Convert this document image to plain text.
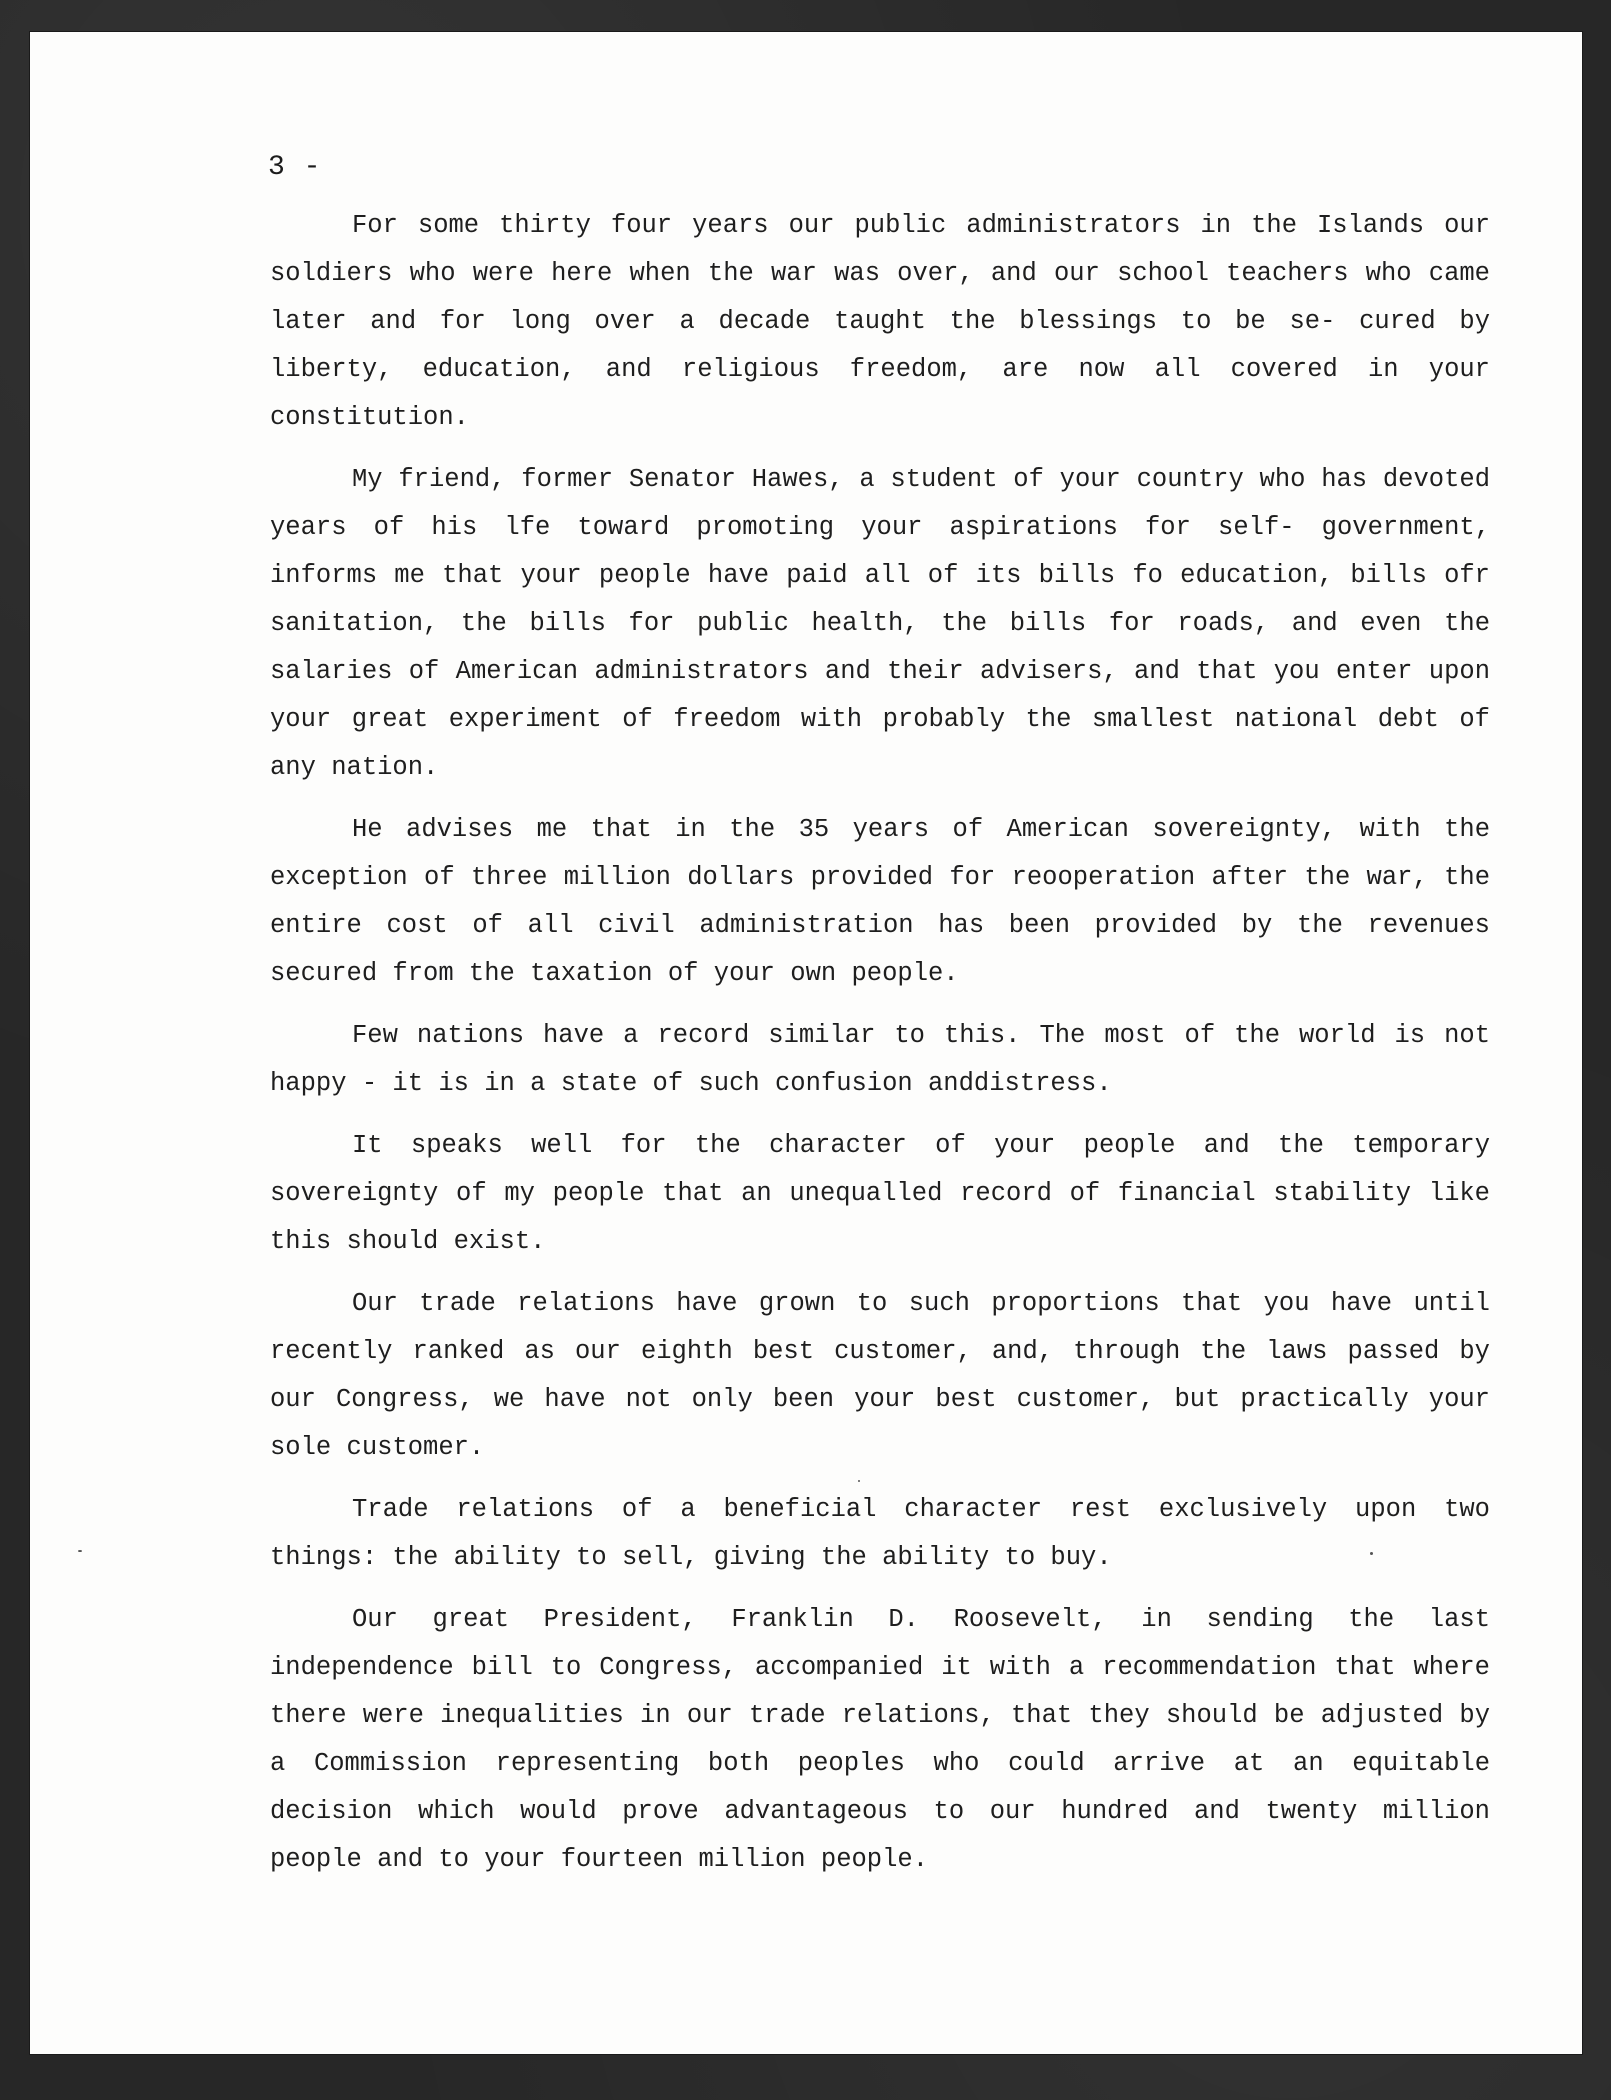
3 -

For some thirty four years our public administrators in the Islands our soldiers who were here when the war was over, and our school teachers who came later and for long over a decade taught the blessings to be se- cured by liberty, education, and religious freedom, are now all covered in your constitution.

My friend, former Senator Hawes, a student of your country who has devoted years of his lfe toward promoting your aspirations for self- government, informs me that your people have paid all of its bills fo education, bills ofr sanitation, the bills for public health, the bills for roads, and even the salaries of American administrators and their advisers, and that you enter upon your great experiment of freedom with probably the smallest national debt of any nation.

He advises me that in the 35 years of American sovereignty, with the exception of three million dollars provided for reooperation after the war, the entire cost of all civil administration has been provided by the revenues secured from the taxation of your own people.

Few nations have a record similar to this. The most of the world is not happy - it is in a state of such confusion anddistress.

It speaks well for the character of your people and the temporary sovereignty of my people that an unequalled record of financial stability like this should exist.

Our trade relations have grown to such proportions that you have until recently ranked as our eighth best customer, and, through the laws passed by our Congress, we have not only been your best customer, but practically your sole customer.

Trade relations of a beneficial character rest exclusively upon two things: the ability to sell, giving the ability to buy.

Our great President, Franklin D. Roosevelt, in sending the last independence bill to Congress, accompanied it with a recommendation that where there were inequalities in our trade relations, that they should be adjusted by a Commission representing both peoples who could arrive at an equitable decision which would prove advantageous to our hundred and twenty million people and to your fourteen million people.
